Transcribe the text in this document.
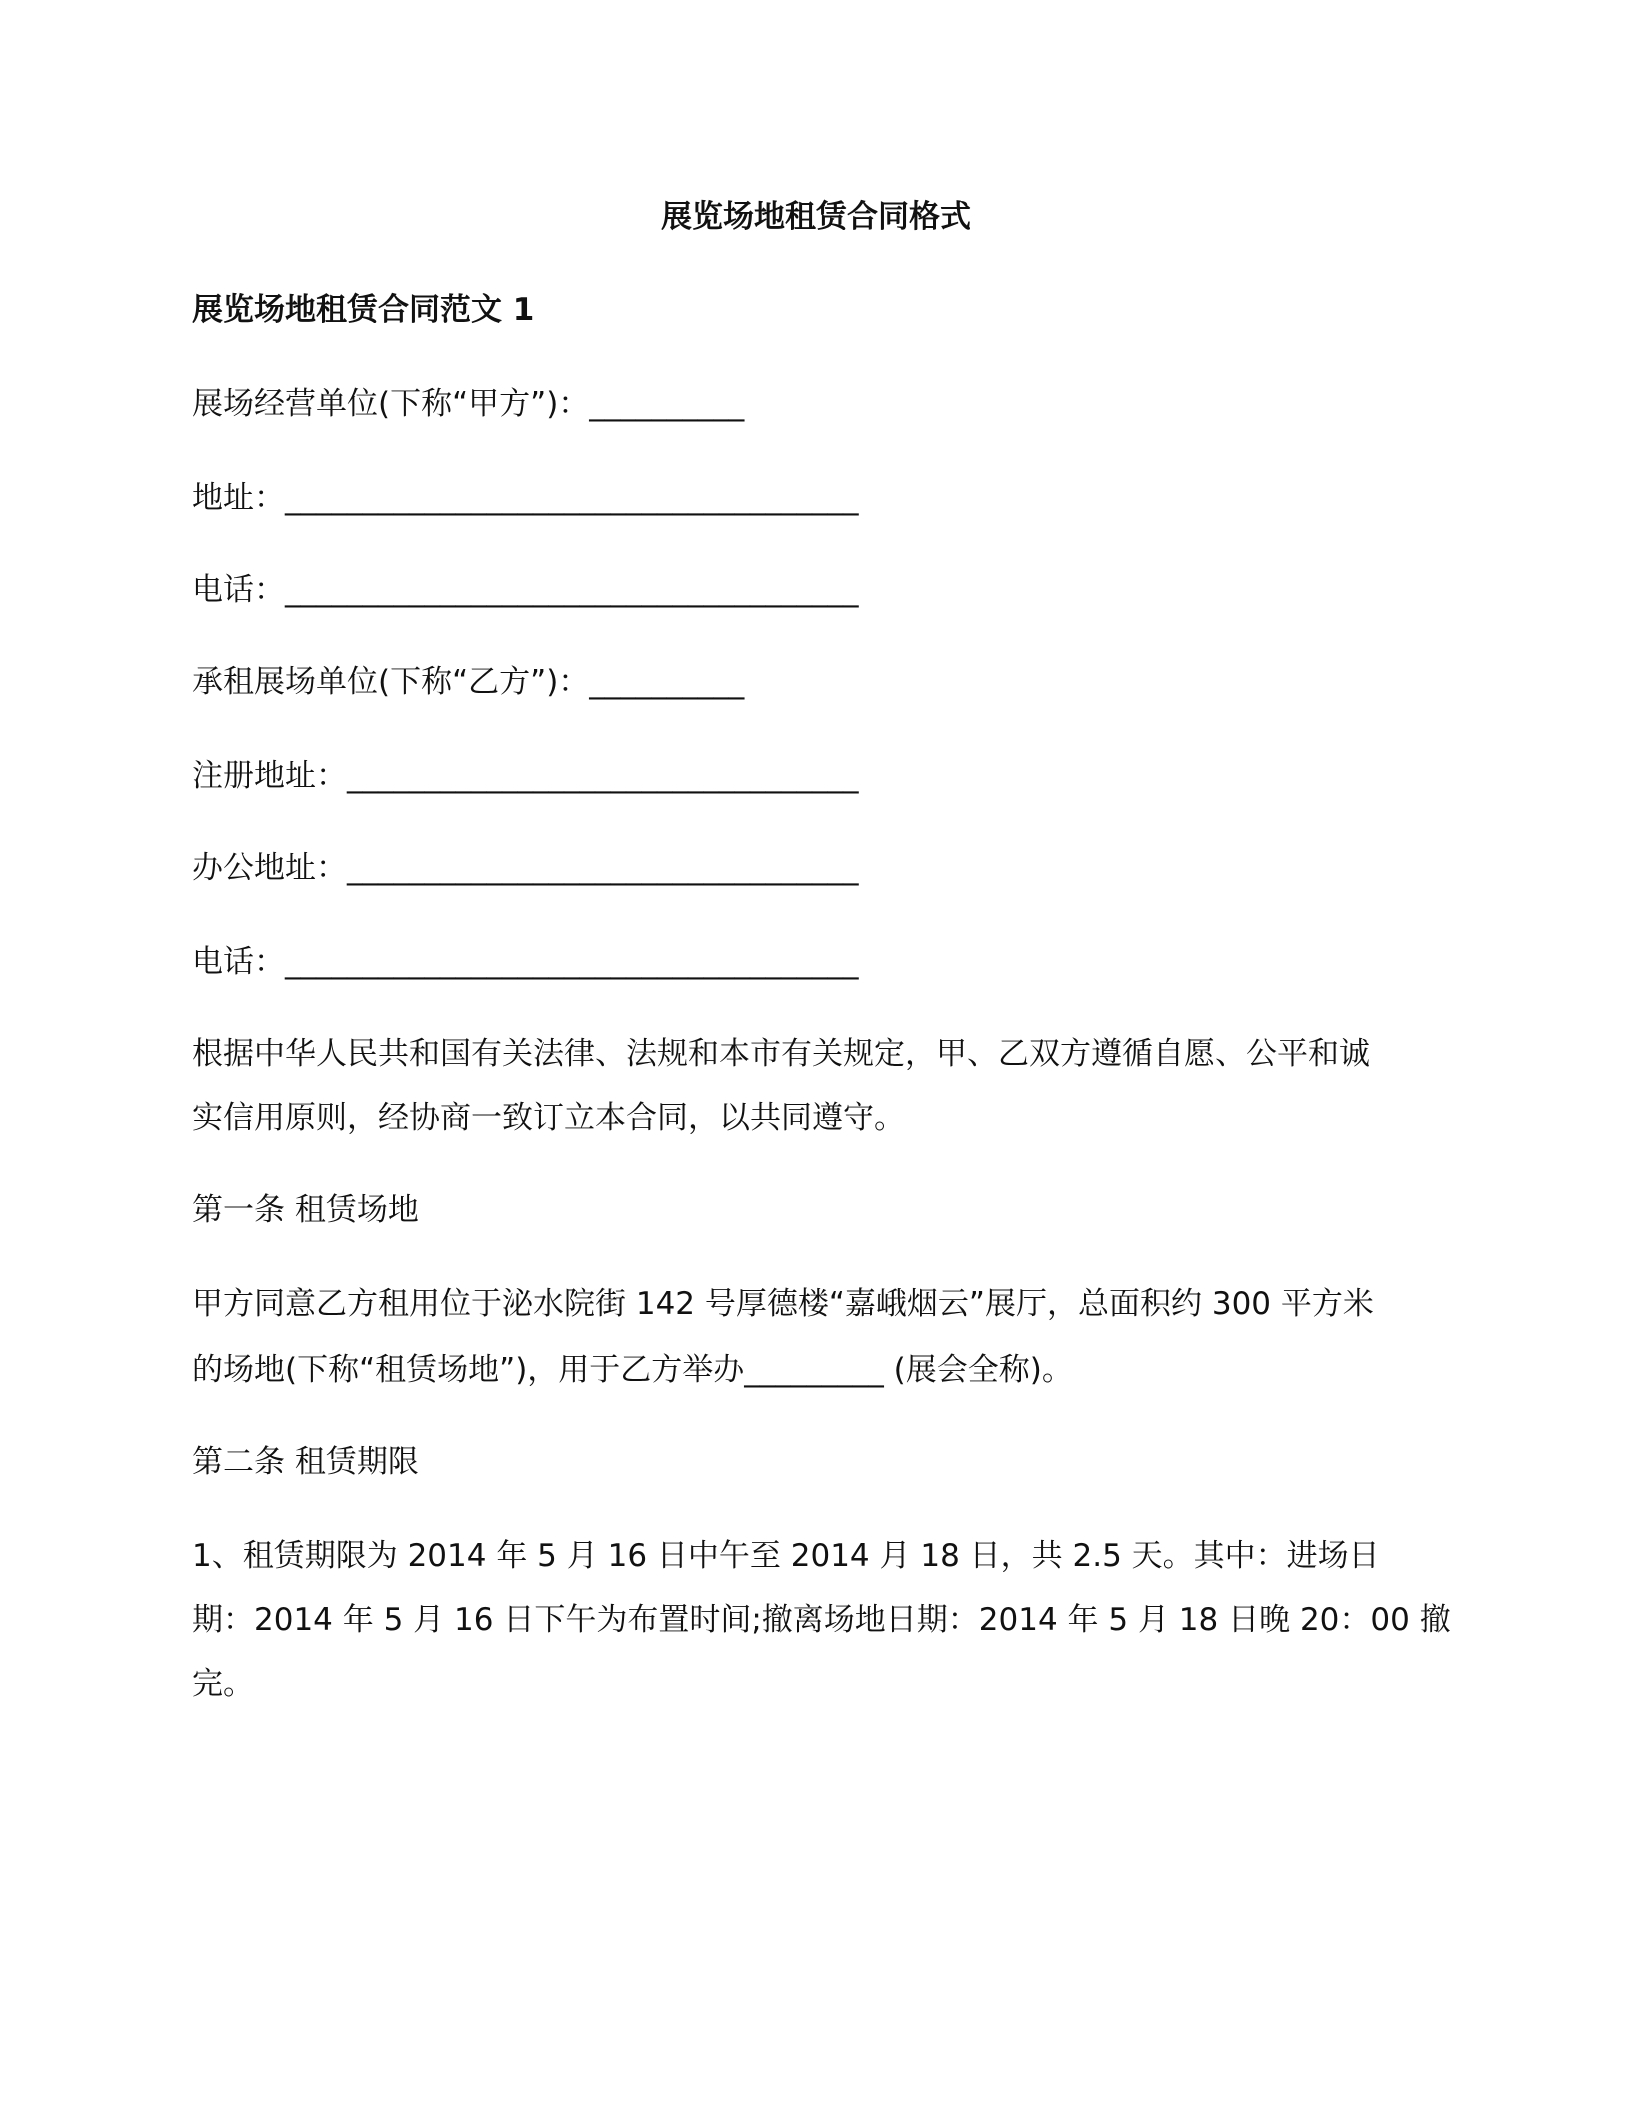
展览场地租赁合同格式

展览场地租赁合同范文 1

展场经营单位(下称“甲方”)：__________

地址：_____________________________________

电话：_____________________________________

承租展场单位(下称“乙方”)：__________

注册地址：_________________________________

办公地址：_________________________________

电话：_____________________________________

根据中华人民共和国有关法律、法规和本市有关规定，甲、乙双方遵循自愿、公平和诚

实信用原则，经协商一致订立本合同，以共同遵守。

第一条 租赁场地

甲方同意乙方租用位于泌水院街 142 号厚德楼“嘉峨烟云”展厅，总面积约 300 平方米

的场地(下称“租赁场地”)，用于乙方举办_________ (展会全称)。

第二条 租赁期限

1、租赁期限为 2014 年 5 月 16 日中午至 2014 月 18 日，共 2.5 天。其中：进场日

期：2014 年 5 月 16 日下午为布置时间;撤离场地日期：2014 年 5 月 18 日晚 20：00 撤

完。
